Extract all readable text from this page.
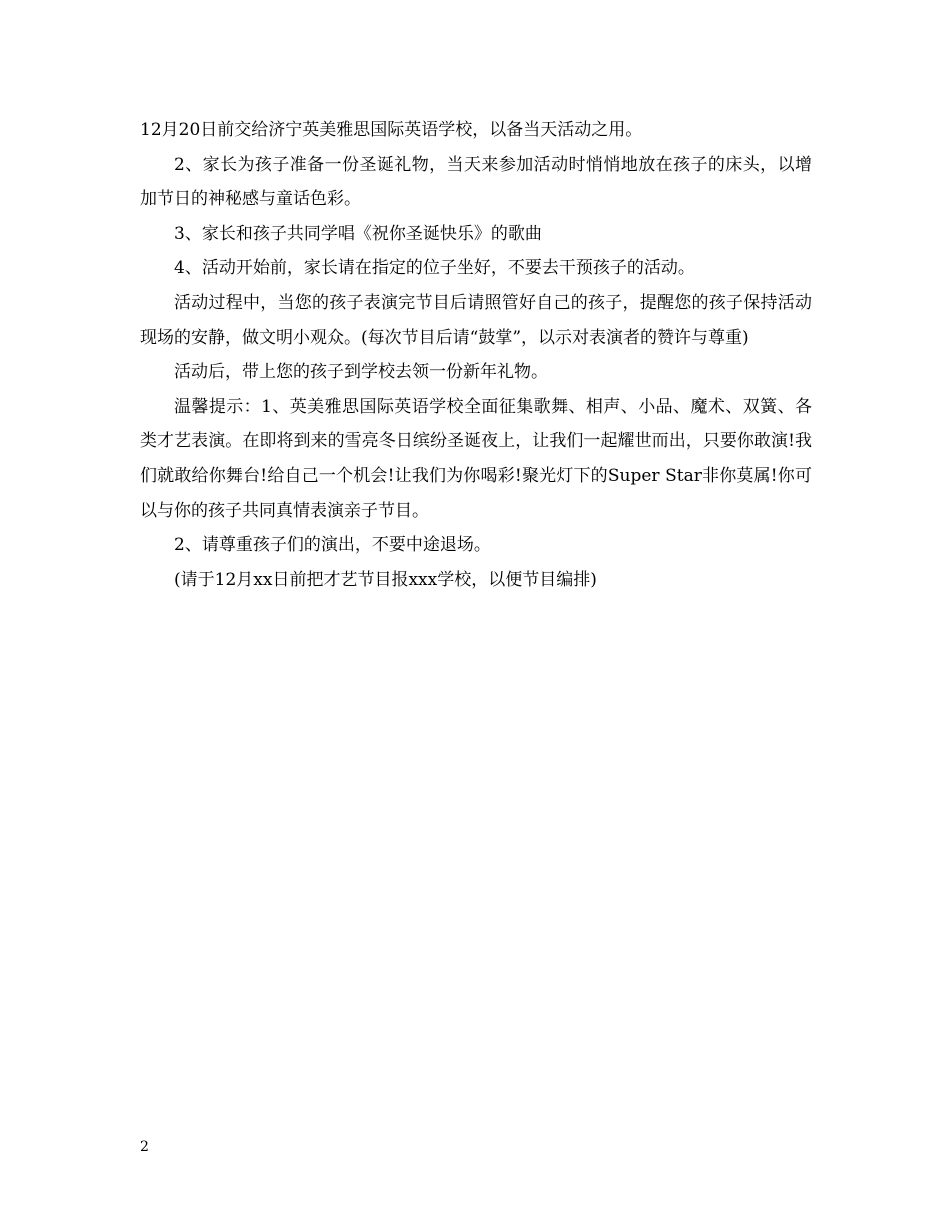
12月20日前交给济宁英美雅思国际英语学校，以备当天活动之用。

2、家长为孩子准备一份圣诞礼物，当天来参加活动时悄悄地放在孩子的床头，以增加节日的神秘感与童话色彩。

3、家长和孩子共同学唱《祝你圣诞快乐》的歌曲

4、活动开始前，家长请在指定的位子坐好，不要去干预孩子的活动。

活动过程中，当您的孩子表演完节目后请照管好自己的孩子，提醒您的孩子保持活动现场的安静，做文明小观众。(每次节目后请“鼓掌”，以示对表演者的赞许与尊重)

活动后，带上您的孩子到学校去领一份新年礼物。

温馨提示：1、英美雅思国际英语学校全面征集歌舞、相声、小品、魔术、双簧、各类才艺表演。在即将到来的雪亮冬日缤纷圣诞夜上，让我们一起耀世而出，只要你敢演!我们就敢给你舞台!给自己一个机会!让我们为你喝彩!聚光灯下的Super Star非你莫属!你可以与你的孩子共同真情表演亲子节目。

2、请尊重孩子们的演出，不要中途退场。

(请于12月xx日前把才艺节目报xxx学校，以便节目编排)

2
